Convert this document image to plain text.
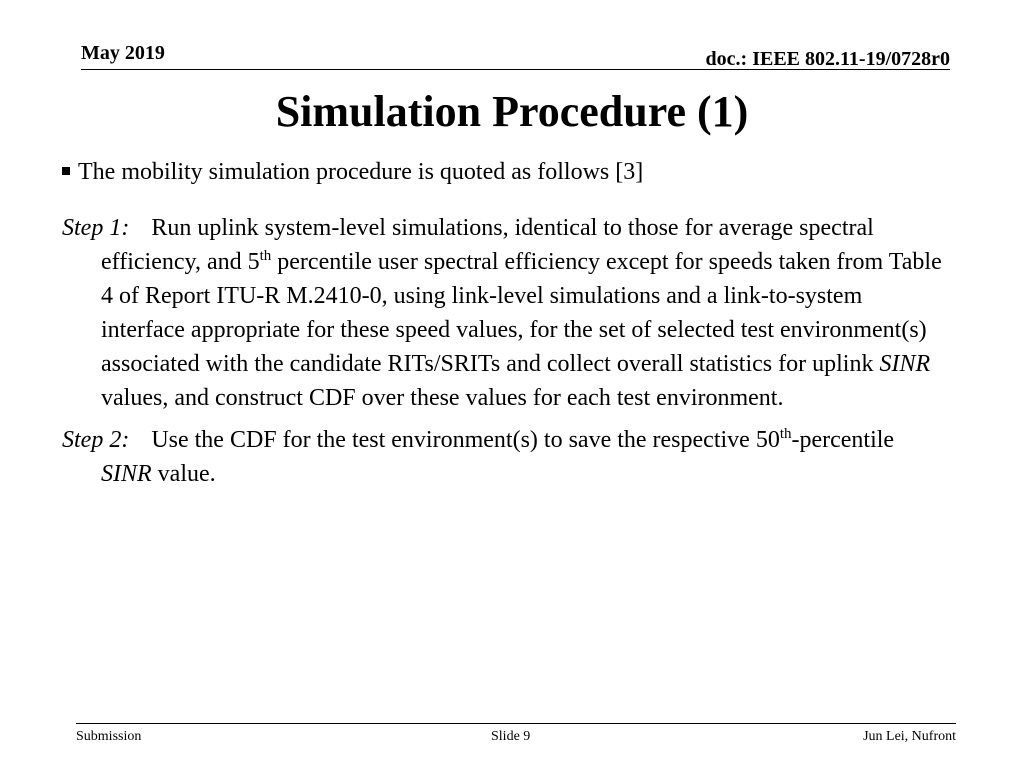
May 2019	doc.: IEEE 802.11-19/0728r0
Simulation Procedure (1)
The mobility simulation procedure is quoted as follows [3]
Step 1: Run uplink system-level simulations, identical to those for average spectral efficiency, and 5th percentile user spectral efficiency except for speeds taken from Table 4 of Report ITU-R M.2410-0, using link-level simulations and a link-to-system interface appropriate for these speed values, for the set of selected test environment(s) associated with the candidate RITs/SRITs and collect overall statistics for uplink SINR values, and construct CDF over these values for each test environment.
Step 2: Use the CDF for the test environment(s) to save the respective 50th-percentile SINR value.
Submission	Slide 9	Jun Lei, Nufront
